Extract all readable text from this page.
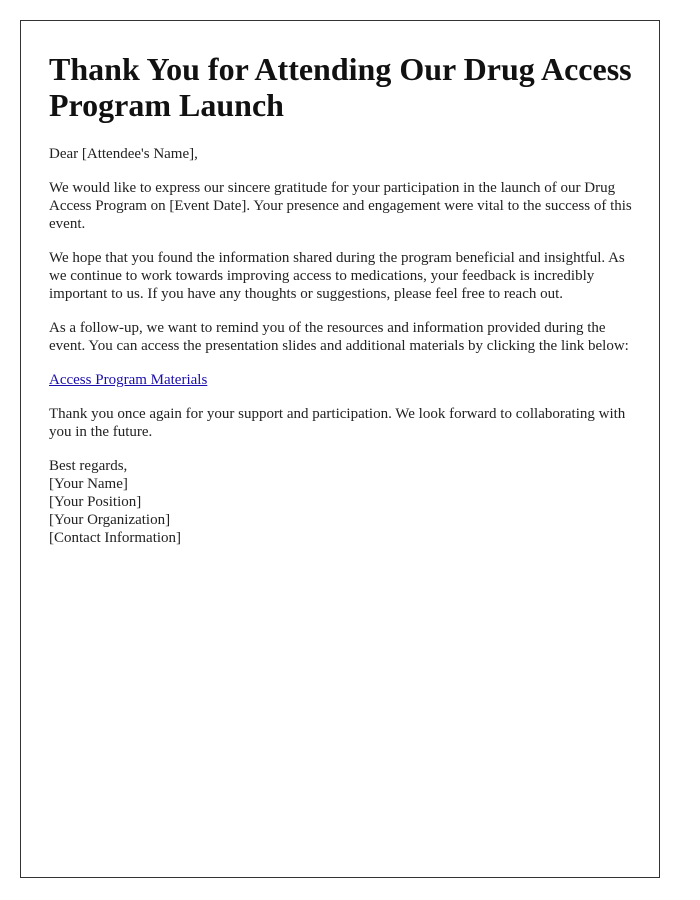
Thank You for Attending Our Drug Access Program Launch

Dear [Attendee's Name],

We would like to express our sincere gratitude for your participation in the launch of our Drug Access Program on [Event Date]. Your presence and engagement were vital to the success of this event.

We hope that you found the information shared during the program beneficial and insightful. As we continue to work towards improving access to medications, your feedback is incredibly important to us. If you have any thoughts or suggestions, please feel free to reach out.

As a follow-up, we want to remind you of the resources and information provided during the event. You can access the presentation slides and additional materials by clicking the link below:

Access Program Materials

Thank you once again for your support and participation. We look forward to collaborating with you in the future.

Best regards,
[Your Name]
[Your Position]
[Your Organization]
[Contact Information]
